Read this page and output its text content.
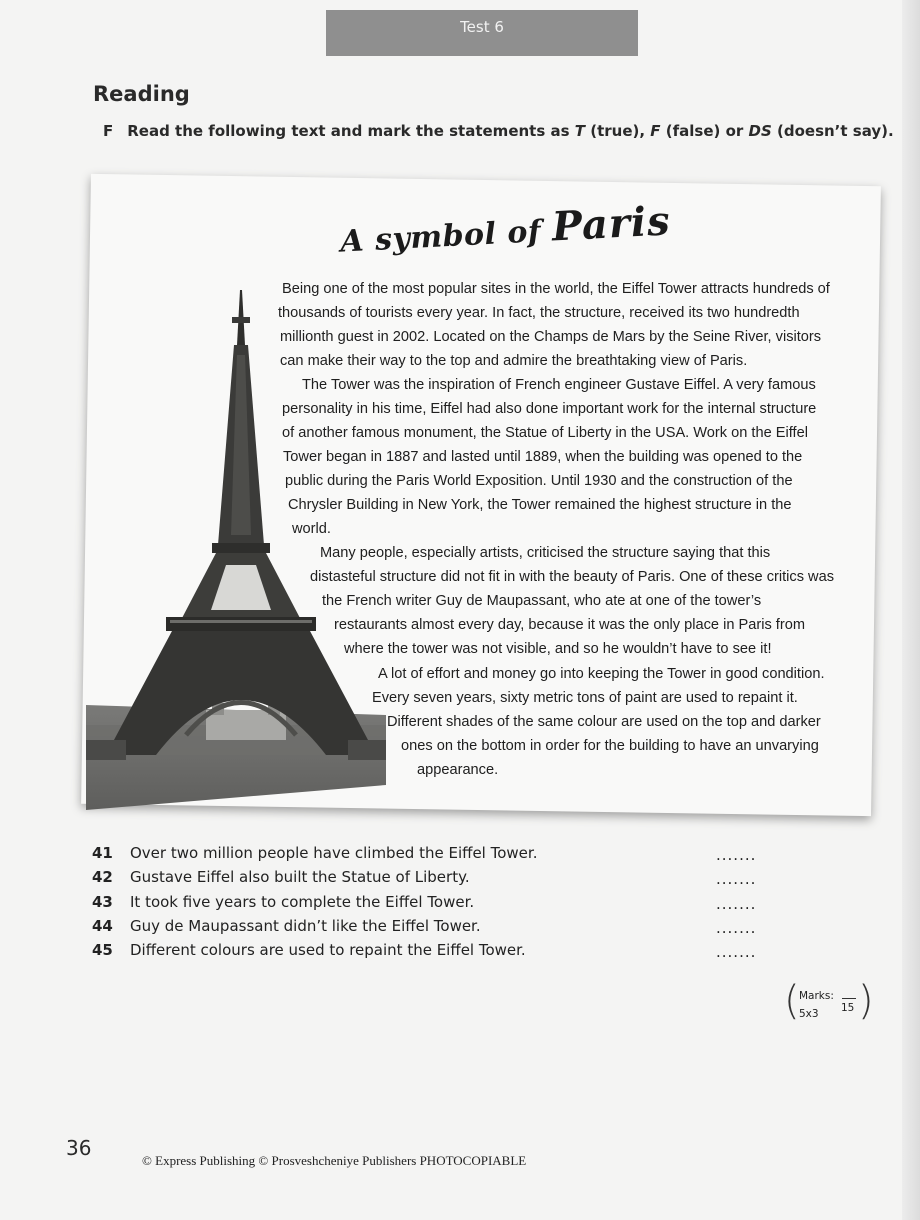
Test 6
Reading
F Read the following text and mark the statements as T (true), F (false) or DS (doesn’t say).
A symbol of Paris
Being one of the most popular sites in the world, the Eiffel Tower attracts hundreds of
thousands of tourists every year. In fact, the structure, received its two hundredth
millionth guest in 2002. Located on the Champs de Mars by the Seine River, visitors
can make their way to the top and admire the breathtaking view of Paris.
The Tower was the inspiration of French engineer Gustave Eiffel. A very famous
personality in his time, Eiffel had also done important work for the internal structure
of another famous monument, the Statue of Liberty in the USA. Work on the Eiffel
Tower began in 1887 and lasted until 1889, when the building was opened to the
public during the Paris World Exposition. Until 1930 and the construction of the
Chrysler Building in New York, the Tower remained the highest structure in the
world.
Many people, especially artists, criticised the structure saying that this
distasteful structure did not fit in with the beauty of Paris. One of these critics was
the French writer Guy de Maupassant, who ate at one of the tower’s
restaurants almost every day, because it was the only place in Paris from
where the tower was not visible, and so he wouldn’t have to see it!
A lot of effort and money go into keeping the Tower in good condition.
Every seven years, sixty metric tons of paint are used to repaint it.
Different shades of the same colour are used on the top and darker
ones on the bottom in order for the building to have an unvarying
appearance.
41 Over two million people have climbed the Eiffel Tower.	.......
42 Gustave Eiffel also built the Statue of Liberty.	.......
43 It took five years to complete the Eiffel Tower.	.......
44 Guy de Maupassant didn’t like the Eiffel Tower.	.......
45 Different colours are used to repaint the Eiffel Tower.	.......
( Marks:
5x3 15 )
36
© Express Publishing © Prosveshcheniye Publishers PHOTOCOPIABLE
